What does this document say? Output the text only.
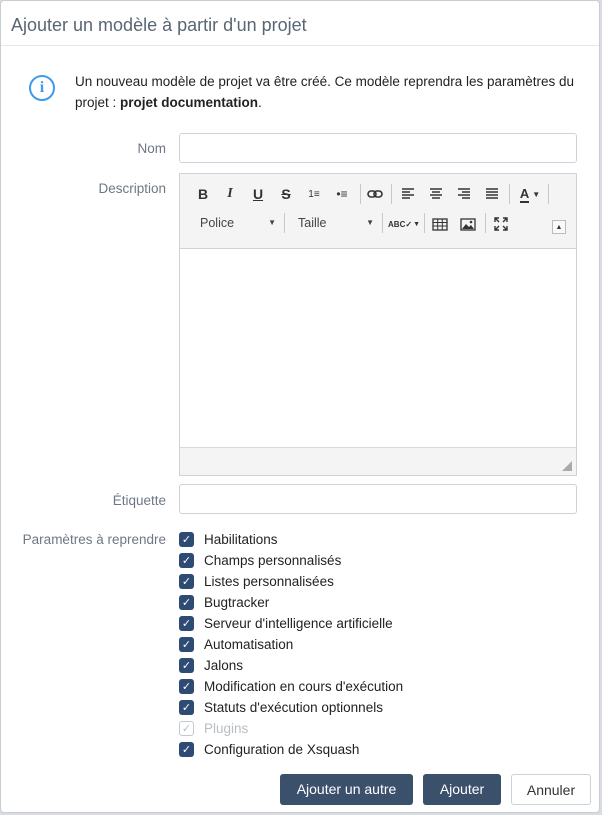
Ajouter un modèle à partir d'un projet
i	Un nouveau modèle de projet va être créé. Ce modèle reprendra les paramètres du projet : projet documentation.
Nom
Description	B	I	U	S	1≡	•≡	A ▼
Police	▼ Taille	▼ ABC✓ ▼	▲
Étiquette
Paramètres à reprendre ✓ Habilitations
✓ Champs personnalisés
✓ Listes personnalisées
✓ Bugtracker
✓ Serveur d'intelligence artificielle
✓ Automatisation
✓ Jalons
✓ Modification en cours d'exécution
✓ Statuts d'exécution optionnels
✓ Plugins
✓ Configuration de Xsquash
Ajouter un autre	Ajouter	Annuler
